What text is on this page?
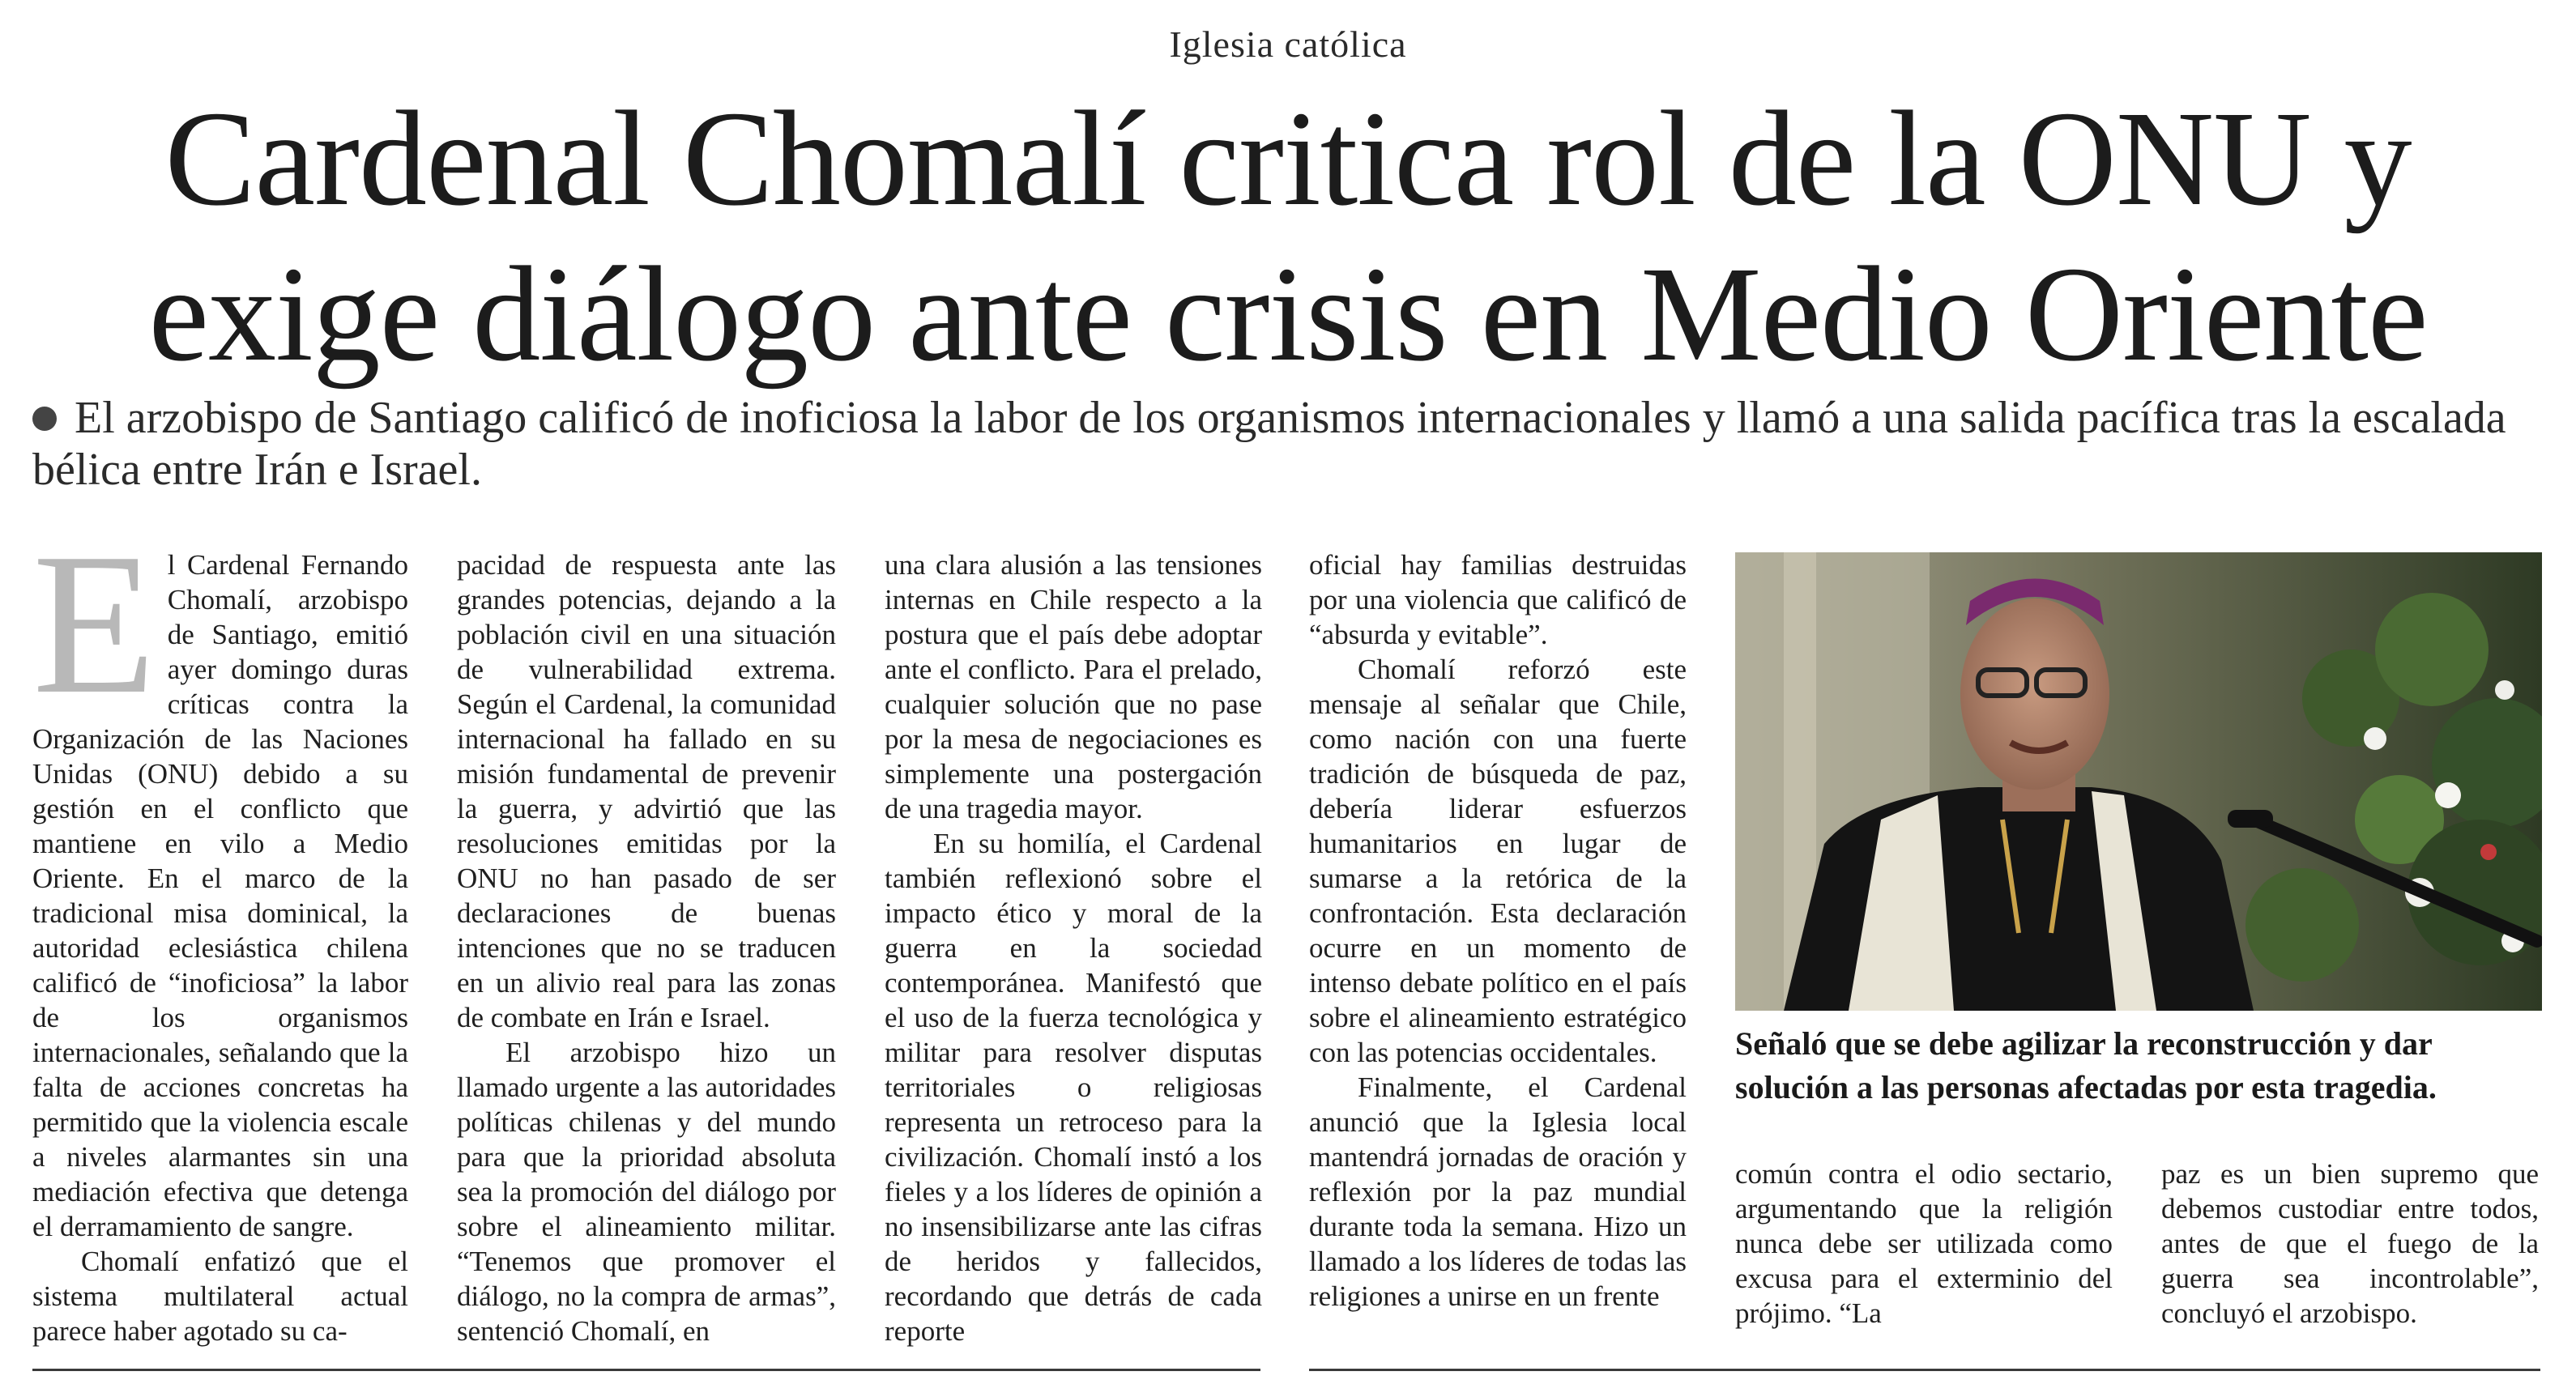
Iglesia católica
Cardenal Chomalí critica rol de la ONU y
exige diálogo ante crisis en Medio Oriente
El arzobispo de Santiago calificó de inoficiosa la labor de los organismos internacionales y llamó a una salida pacífica tras la escalada bélica entre Irán e Israel.
E l Cardenal Fernando Chomalí, arzobispo de Santiago, emitió ayer domingo duras críticas contra la Organización de las Naciones Unidas (ONU) debido a su gestión en el conflicto que mantiene en vilo a Medio Oriente. En el marco de la tradicional misa dominical, la autoridad eclesiástica chilena calificó de “inoficiosa” la labor de los organismos internacionales, señalando que la falta de acciones concretas ha permitido que la violencia escale a niveles alarmantes sin una mediación efectiva que detenga el derramamiento de sangre.

Chomalí enfatizó que el sistema multilateral actual parece haber agotado su ca-

pacidad de respuesta ante las grandes potencias, dejando a la población civil en una situación de vulnerabilidad extrema. Según el Cardenal, la comunidad internacional ha fallado en su misión fundamental de prevenir la guerra, y advirtió que las resoluciones emitidas por la ONU no han pasado de ser declaraciones de buenas intenciones que no se traducen en un alivio real para las zonas de combate en Irán e Israel.

El arzobispo hizo un llamado urgente a las autoridades políticas chilenas y del mundo para que la prioridad absoluta sea la promoción del diálogo por sobre el alineamiento militar. “Tenemos que promover el diálogo, no la compra de armas”, sentenció Chomalí, en

una clara alusión a las tensiones internas en Chile respecto a la postura que el país debe adoptar ante el conflicto. Para el prelado, cualquier solución que no pase por la mesa de negociaciones es simplemente una postergación de una tragedia mayor.

En su homilía, el Cardenal también reflexionó sobre el impacto ético y moral de la guerra en la sociedad contemporánea. Manifestó que el uso de la fuerza tecnológica y militar para resolver disputas territoriales o religiosas representa un retroceso para la civilización. Chomalí instó a los fieles y a los líderes de opinión a no insensibilizarse ante las cifras de heridos y fallecidos, recordando que detrás de cada reporte

oficial hay familias destruidas por una violencia que calificó de “absurda y evitable”.

Chomalí reforzó este mensaje al señalar que Chile, como nación con una fuerte tradición de búsqueda de paz, debería liderar esfuerzos humanitarios en lugar de sumarse a la retórica de la confrontación. Esta declaración ocurre en un momento de intenso debate político en el país sobre el alineamiento estratégico con las potencias occidentales.

Finalmente, el Cardenal anunció que la Iglesia local mantendrá jornadas de oración y reflexión por la paz mundial durante toda la semana. Hizo un llamado a los líderes de todas las religiones a unirse en un frente

Señaló que se debe agilizar la reconstrucción y dar solución a las personas afectadas por esta tragedia.

común contra el odio sectario, argumentando que la religión nunca debe ser utilizada como excusa para el exterminio del prójimo. “La

paz es un bien supremo que debemos custodiar entre todos, antes de que el fuego de la guerra sea incontrolable”, concluyó el arzobispo.
